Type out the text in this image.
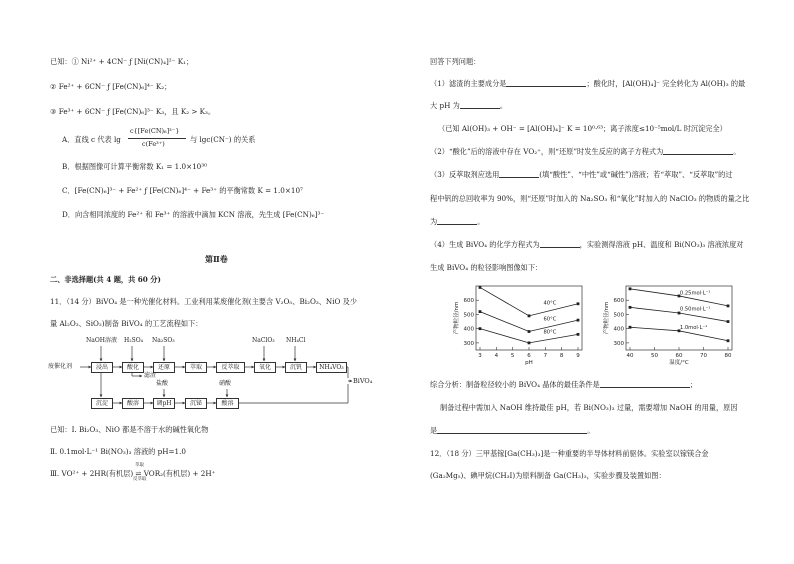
已知：① Ni²⁺ + 4CN⁻ ƒ [Ni(CN)₄]²⁻ K₁；
② Fe²⁺ + 6CN⁻ ƒ [Fe(CN)₆]⁴⁻ K₂；
③ Fe³⁺ + 6CN⁻ ƒ [Fe(CN)₆]³⁻ K₃，且 K₂ > K₃。
A．直线 c 代表 lg
c{[Fe(CN)₆]³⁻}
c(Fe³⁺)	与 lgc(CN⁻) 的关系
B．根据图像可计算平衡常数 K₁ = 1.0×10³⁰
C．[Fe(CN)₆]³⁻ + Fe²⁺ ƒ [Fe(CN)₆]⁴⁻ + Fe³⁺ 的平衡常数 K = 1.0×10⁷
D．向含相同浓度的 Fe²⁺ 和 Fe³⁺ 的溶液中滴加 KCN 溶液，先生成 [Fe(CN)₆]³⁻
第Ⅱ卷
二、非选择题(共 4 题，共 60 分)
11．（14 分）BiVO₄ 是一种光催化材料。工业利用某废催化剂(主要含 V₂O₅、Bi₂O₃、NiO 及少
量 Al₂O₃、SiO₂)制备 BiVO₄ 的工艺流程如下：
NaOH溶液 H₂SO₄ Na₂SO₃	NaClO₃ NH₄Cl
废催化剂	浸出	酸化	还原	萃取	反萃取	氧化	沉钒	NH₄VO₃
滤渣
盐酸	硝酸
沉淀	酸溶	调pH	沉铋	酸溶
BiVO₄
已知：Ⅰ. Bi₂O₃、NiO 都是不溶于水的碱性氧化物
Ⅱ. 0.1mol·L⁻¹ Bi(NO₃)₃ 溶液的 pH=1.0
Ⅲ. VO²⁺ + 2HR(有机层) ⇌ VOR₂(有机层) + 2H⁺
萃取
反萃取
回答下列问题：
（1）滤渣的主要成分是	；酸化时，[Al(OH)₄]⁻ 完全转化为 Al(OH)₃ 的最
大 pH 为	。
（已知 Al(OH)₃ + OH⁻ = [Al(OH)₄]⁻ K = 10⁰·⁶³；离子浓度≤10⁻⁵mol/L 时沉淀完全）
（2）“酸化”后的溶液中存在 VO₂⁺，则“还原”时发生反应的离子方程式为	。
（3）反萃取剂应选用	(填“酸性”、“中性”或“碱性”)溶液；若“萃取”、“反萃取”的过
程中钒的总回收率为 90%，则“还原”时加入的 Na₂SO₃ 和“氧化”时加入的 NaClO₃ 的物质的量之比
为	。
（4）生成 BiVO₄ 的化学方程式为	，实验测得溶液 pH、温度和 Bi(NO₃)₃ 溶液浓度对
生成 BiVO₄ 的粒径影响图像如下：
300
400
500
600
3 4 5 6 7 8 9
pH
产物粒径/nm	40°C
60°C
80°C
300
400
500
600
40	50	60	70	80
温度/°C
产物粒径/nm
0.25mol·L⁻¹
0.50mol·L⁻¹
1.0mol·L⁻¹
综合分析：制备粒径较小的 BiVO₄ 晶体的最佳条件是	；
制备过程中需加入 NaOH 维持最佳 pH，若 Bi(NO₃)₃ 过量，需要增加 NaOH 的用量，原因
是	。
12．（18 分）三甲基镓[Ga(CH₃)₃]是一种重要的半导体材料前驱体。实验室以镓镁合金
(Ga₂Mg₅)、碘甲烷(CH₃I)为原料制备 Ga(CH₃)₃，实验步骤及装置如图：
